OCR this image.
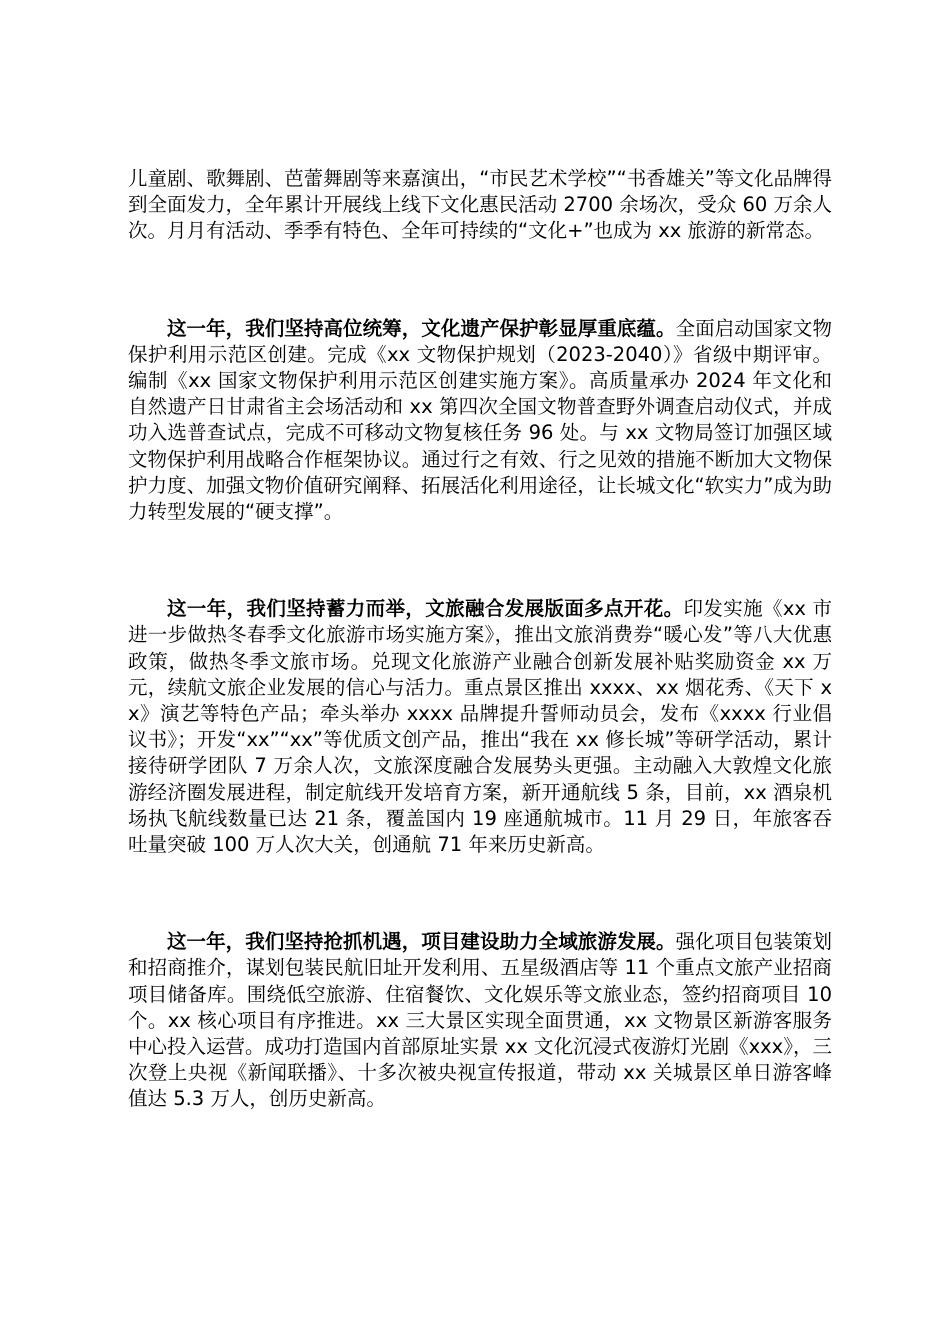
儿童剧、歌舞剧、芭蕾舞剧等来嘉演出，“市民艺术学校”“书香雄关”等文化品牌得到全面发力，全年累计开展线上线下文化惠民活动 2700 余场次，受众 60 万余人次。月月有活动、季季有特色、全年可持续的“文化+”也成为 xx 旅游的新常态。

这一年，我们坚持高位统筹，文化遗产保护彰显厚重底蕴。全面启动国家文物保护利用示范区创建。完成《xx 文物保护规划（2023-2040）》省级中期评审。编制《xx 国家文物保护利用示范区创建实施方案》。高质量承办 2024 年文化和自然遗产日甘肃省主会场活动和 xx 第四次全国文物普查野外调查启动仪式，并成功入选普查试点，完成不可移动文物复核任务 96 处。与 xx 文物局签订加强区域文物保护利用战略合作框架协议。通过行之有效、行之见效的措施不断加大文物保护力度、加强文物价值研究阐释、拓展活化利用途径，让长城文化“软实力”成为助力转型发展的“硬支撑”。

这一年，我们坚持蓄力而举，文旅融合发展版面多点开花。印发实施《xx 市进一步做热冬春季文化旅游市场实施方案》，推出文旅消费券“暖心发”等八大优惠政策，做热冬季文旅市场。兑现文化旅游产业融合创新发展补贴奖励资金 xx 万元，续航文旅企业发展的信心与活力。重点景区推出 xxxx、xx 烟花秀、《天下 xx》演艺等特色产品；牵头举办 xxxx 品牌提升誓师动员会，发布《xxxx 行业倡议书》；开发“xx”“xx”等优质文创产品，推出“我在 xx 修长城”等研学活动，累计接待研学团队 7 万余人次，文旅深度融合发展势头更强。主动融入大敦煌文化旅游经济圈发展进程，制定航线开发培育方案，新开通航线 5 条，目前，xx 酒泉机场执飞航线数量已达 21 条，覆盖国内 19 座通航城市。11 月 29 日，年旅客吞吐量突破 100 万人次大关，创通航 71 年来历史新高。

这一年，我们坚持抢抓机遇，项目建设助力全域旅游发展。强化项目包装策划和招商推介，谋划包装民航旧址开发利用、五星级酒店等 11 个重点文旅产业招商项目储备库。围绕低空旅游、住宿餐饮、文化娱乐等文旅业态，签约招商项目 10 个。xx 核心项目有序推进。xx 三大景区实现全面贯通，xx 文物景区新游客服务中心投入运营。成功打造国内首部原址实景 xx 文化沉浸式夜游灯光剧《xxx》，三次登上央视《新闻联播》、十多次被央视宣传报道，带动 xx 关城景区单日游客峰值达 5.3 万人，创历史新高。
